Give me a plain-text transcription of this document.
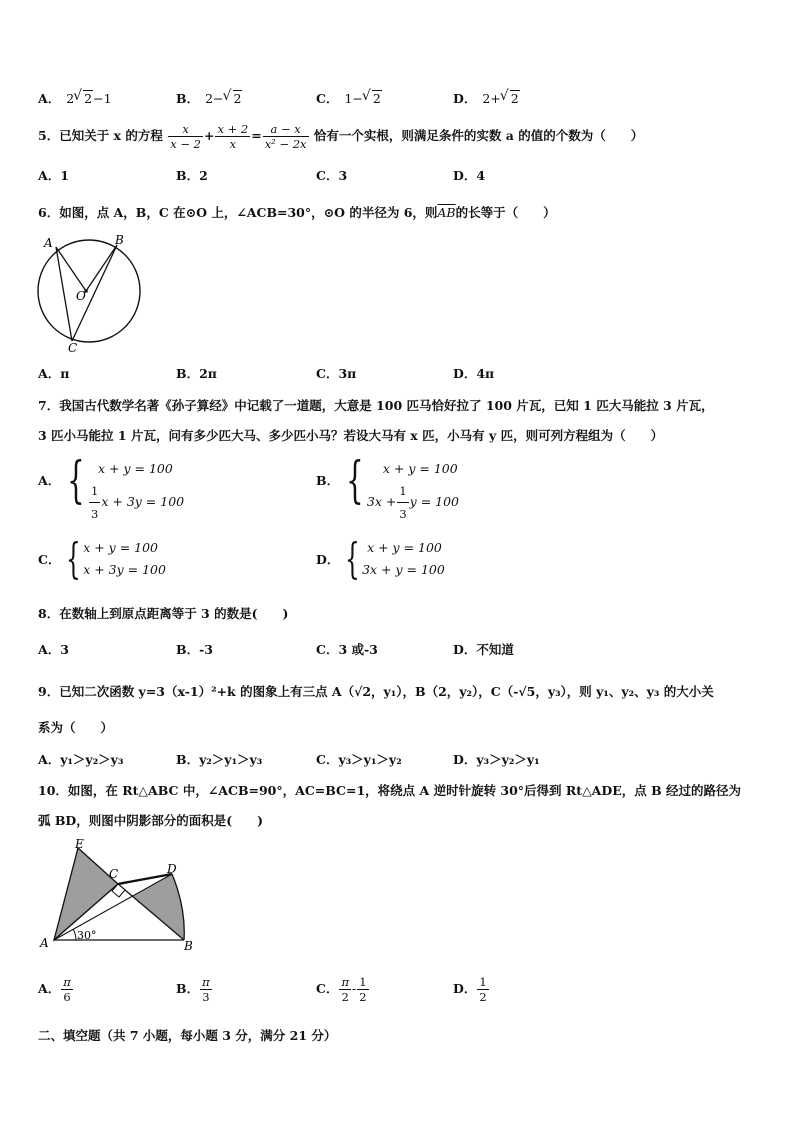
A． 2 √ 2−1	B． 2− √ 2	C． 1− √ 2	D． 2+ √ 2
5．已知关于 x 的方程 $\frac{x}{x - 2} + \frac{x + 2}{x} = \frac{a - x}{\text{x² − 2x}}$ 恰有一个实根，则满足条件的实数 a 的值的个数为（　　）
A．1	B．2	C．3	D．4
6．如图，点 A，B，C 在⊙O 上，∠ACB=30°，⊙O 的半径为 6，则$\overline{AB}$的长等于（　　）
A	B
O
C
A．π	B．2π	C．3π	D．4π
7．我国古代数学名著《孙子算经》中记载了一道题，大意是 100 匹马恰好拉了 100 片瓦，已知 1 匹大马能拉 3 片瓦，
3 匹小马能拉 1 片瓦，问有多少匹大马、多少匹小马？若设大马有 x 匹，小马有 y 匹，则可列方程组为（　　）
A． {	x + y = 100
$\frac{1}{3}$ x + 3y = 100
B． {	x + y = 100
$3x + \frac{1}{3}$ y = 100
C． { x + y = 100
x + 3y = 100
D． { x + y = 100
3x + y = 100
8．在数轴上到原点距离等于 3 的数是(　　)
A．3	B．-3	C．3 或-3	D．不知道
9．已知二次函数 y=3（x-1）²+k 的图象上有三点 A（√2，y₁），B（2，y₂），C（-√5，y₃），则 y₁、y₂、y₃ 的大小关
系为（　　）
A．y₁＞y₂＞y₃	B．y₂＞y₁＞y₃	C．y₃＞y₁＞y₂	D．y₃＞y₂＞y₁
10．如图，在 Rt△ABC 中，∠ACB=90°，AC=BC=1，将绕点 A 逆时针旋转 30°后得到 Rt△ADE，点 B 经过的路径为
弧 BD，则图中阴影部分的面积是(　　)
30°
E
C	D
A	B
A． $\frac{\pi}{6}$	B． $\frac{\pi}{3}$	C． $\frac{\pi}{2} - \frac{1}{2}$	D． $\frac{1}{2}$
二、填空题（共 7 小题，每小题 3 分，满分 21 分）
